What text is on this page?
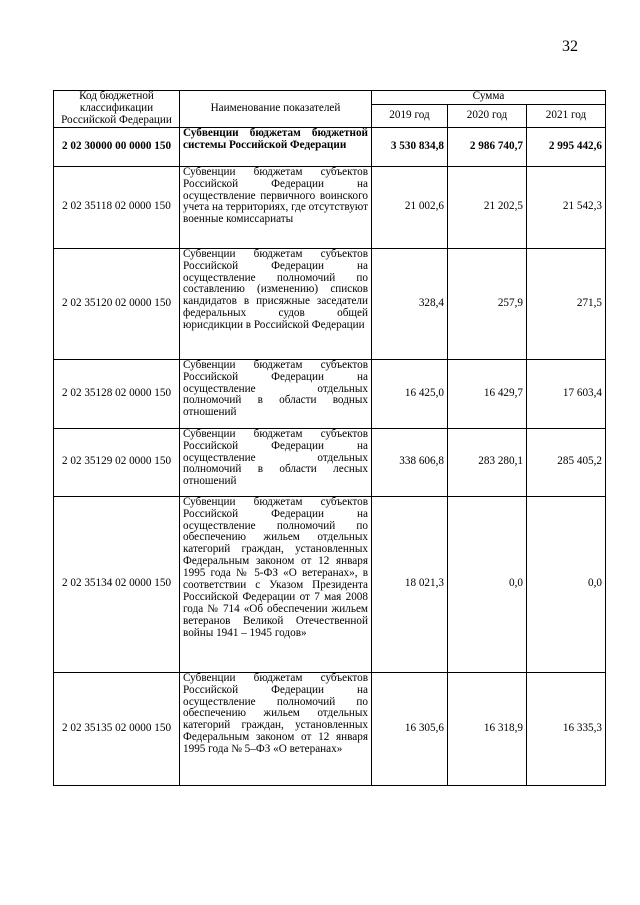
32
Код бюджетной классификации Российской Федерации	Наименование показателей	Сумма		
		2019 год	2020 год	2021 год
2 02 30000 00 0000 150	Субвенции бюджетам бюджетной системы Российской Федерации	3 530 834,8	2 986 740,7	2 995 442,6
2 02 35118 02 0000 150	Субвенции бюджетам субъектов Российской Федерации на осуществление первичного воинского учета на территориях, где отсутствуют военные комиссариаты	21 002,6	21 202,5	21 542,3
2 02 35120 02 0000 150	Субвенции бюджетам субъектов Российской Федерации на осуществление полномочий по составлению (изменению) списков кандидатов в присяжные заседатели федеральных судов общей юрисдикции в Российской Федерации	328,4	257,9	271,5
2 02 35128 02 0000 150	Субвенции бюджетам субъектов Российской Федерации на осуществление отдельных полномочий в области водных отношений	16 425,0	16 429,7	17 603,4
2 02 35129 02 0000 150	Субвенции бюджетам субъектов Российской Федерации на осуществление отдельных полномочий в области лесных отношений	338 606,8	283 280,1	285 405,2
2 02 35134 02 0000 150	Субвенции бюджетам субъектов Российской Федерации на осуществление полномочий по обеспечению жильем отдельных категорий граждан, установленных Федеральным законом от 12 января 1995 года № 5-ФЗ «О ветеранах», в соответствии с Указом Президента Российской Федерации от 7 мая 2008 года № 714 «Об обеспечении жильем ветеранов Великой Отечественной войны 1941 – 1945 годов»	18 021,3	0,0	0,0
2 02 35135 02 0000 150	Субвенции бюджетам субъектов Российской Федерации на осуществление полномочий по обеспечению жильем отдельных категорий граждан, установленных Федеральным законом от 12 января 1995 года № 5–ФЗ «О ветеранах»	16 305,6	16 318,9	16 335,3
